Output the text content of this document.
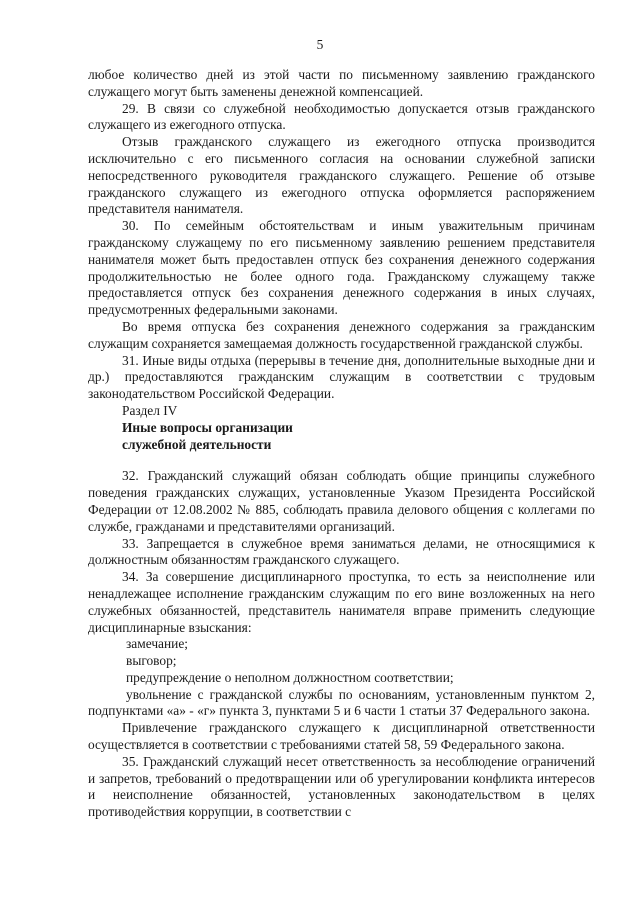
5

любое количество дней из этой части по письменному заявлению гражданского служащего могут быть заменены денежной компенсацией.

29. В связи со служебной необходимостью допускается отзыв гражданского служащего из ежегодного отпуска.

Отзыв гражданского служащего из ежегодного отпуска производится исключительно с его письменного согласия на основании служебной записки непосредственного руководителя гражданского служащего. Решение об отзыве гражданского служащего из ежегодного отпуска оформляется распоряжением представителя нанимателя.

30. По семейным обстоятельствам и иным уважительным причинам гражданскому служащему по его письменному заявлению решением представителя нанимателя может быть предоставлен отпуск без сохранения денежного содержания продолжительностью не более одного года. Гражданскому служащему также предоставляется отпуск без сохранения денежного содержания в иных случаях, предусмотренных федеральными законами.

Во время отпуска без сохранения денежного содержания за гражданским служащим сохраняется замещаемая должность государственной гражданской службы.

31. Иные виды отдыха (перерывы в течение дня, дополнительные выходные дни и др.) предоставляются гражданским служащим в соответствии с трудовым законодательством Российской Федерации.

Раздел IV

Иные вопросы организации

служебной деятельности

32. Гражданский служащий обязан соблюдать общие принципы служебного поведения гражданских служащих, установленные Указом Президента Российской Федерации от 12.08.2002 № 885, соблюдать правила делового общения с коллегами по службе, гражданами и представителями организаций.

33. Запрещается в служебное время заниматься делами, не относящимися к должностным обязанностям гражданского служащего.

34. За совершение дисциплинарного проступка, то есть за неисполнение или ненадлежащее исполнение гражданским служащим по его вине возложенных на него служебных обязанностей, представитель нанимателя вправе применить следующие дисциплинарные взыскания:

замечание;

выговор;

предупреждение о неполном должностном соответствии;

увольнение с гражданской службы по основаниям, установленным пунктом 2, подпунктами «а» - «г» пункта 3, пунктами 5 и 6 части 1 статьи 37 Федерального закона.

Привлечение гражданского служащего к дисциплинарной ответственности осуществляется в соответствии с требованиями статей 58, 59 Федерального закона.

35. Гражданский служащий несет ответственность за несоблюдение ограничений и запретов, требований о предотвращении или об урегулировании конфликта интересов и неисполнение обязанностей, установленных законодательством в целях противодействия коррупции, в соответствии с
